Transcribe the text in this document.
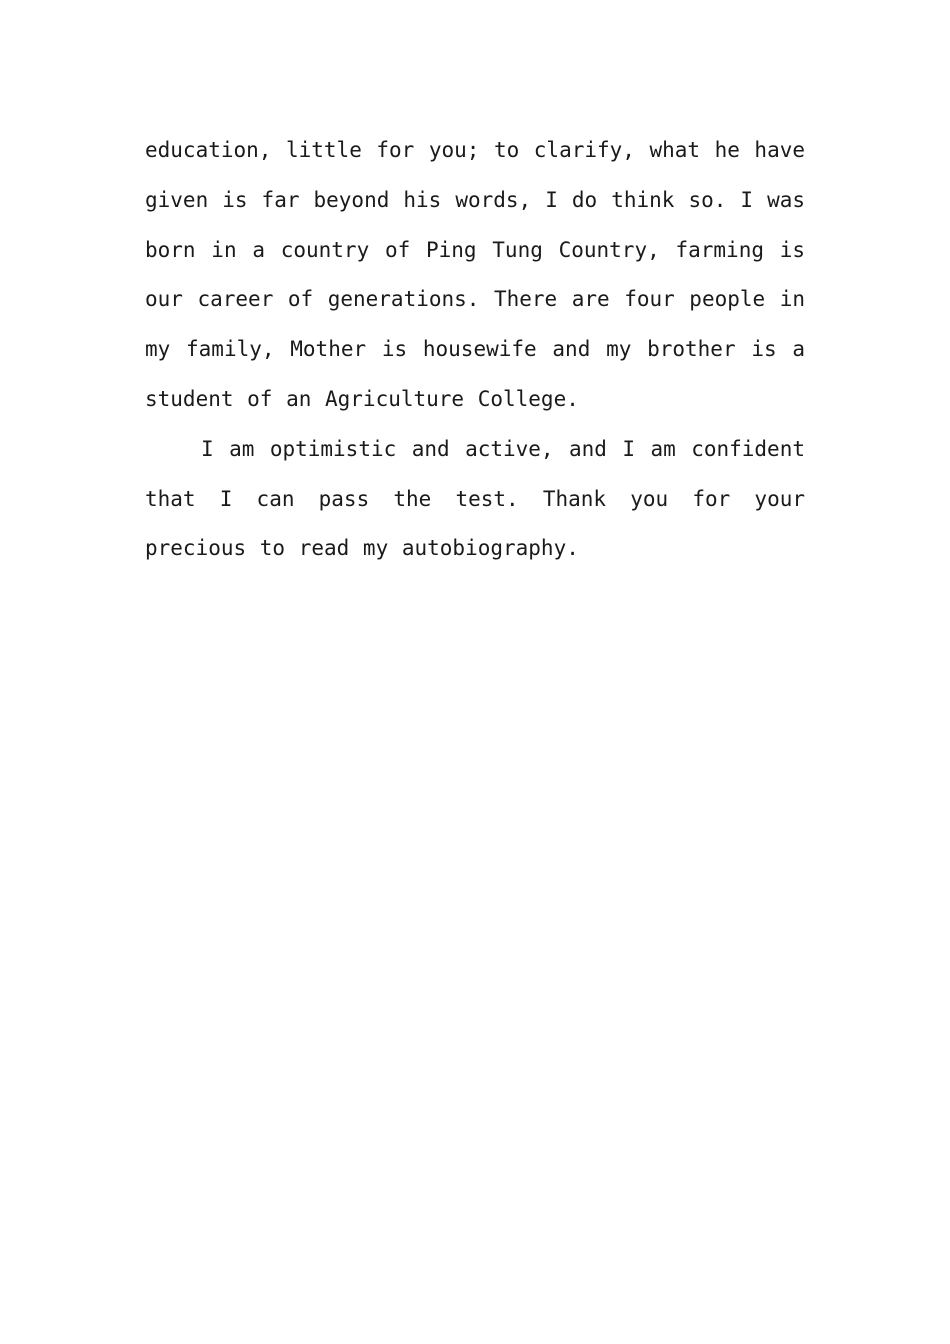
education, little for you; to clarify, what he have given is far beyond his words, I do think so. I was born in a country of Ping Tung Country, farming is our career of generations. There are four people in my family, Mother is housewife and my brother is a student of an Agriculture College.

I am optimistic and active, and I am confident that I can pass the test. Thank you for your precious to read my autobiography.
